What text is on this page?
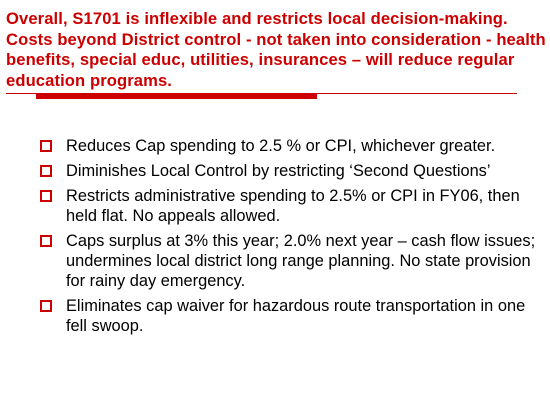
Overall, S1701 is inflexible and restricts local decision-making. Costs beyond District control - not taken into consideration - health benefits, special educ, utilities, insurances – will reduce regular education programs.

Reduces Cap spending to 2.5 % or CPI, whichever greater.
Diminishes Local Control by restricting ‘Second Questions’
Restricts administrative spending to 2.5% or CPI in FY06, then held flat. No appeals allowed.
Caps surplus at 3% this year; 2.0% next year – cash flow issues; undermines local district long range planning. No state provision for rainy day emergency.
Eliminates cap waiver for hazardous route transportation in one fell swoop.
